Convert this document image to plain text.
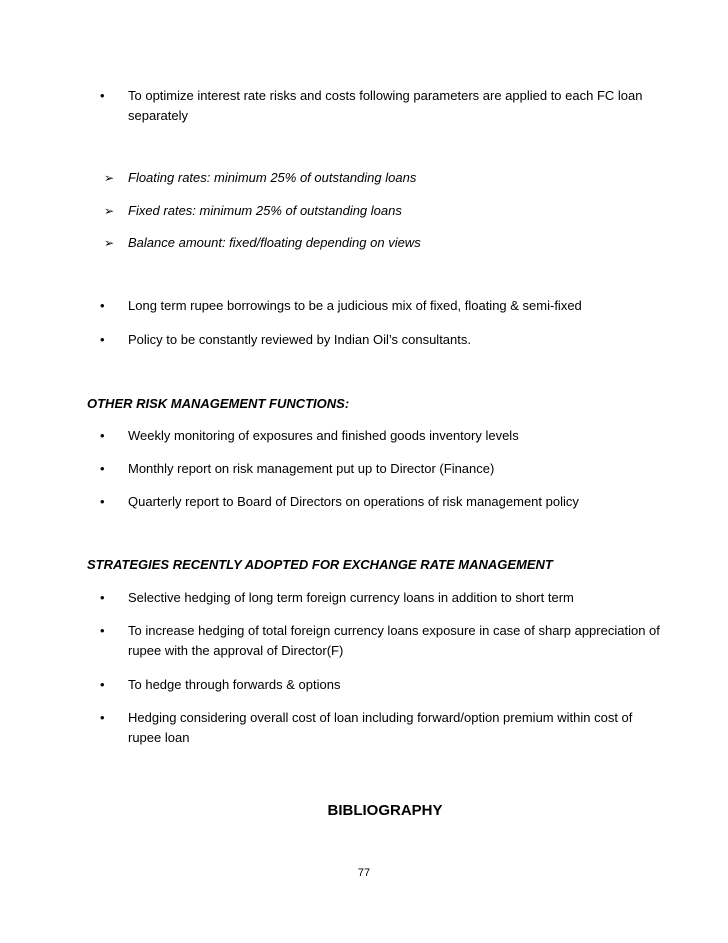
•	To optimize interest rate risks and costs following parameters are applied to each FC loan separately
➢ Floating rates: minimum 25% of outstanding loans
➢ Fixed rates: minimum 25% of outstanding loans
➢ Balance amount: fixed/floating depending on views
•	Long term rupee borrowings to be a judicious mix of fixed, floating & semi-fixed
•	Policy to be constantly reviewed by Indian Oil’s consultants.
OTHER RISK MANAGEMENT FUNCTIONS:
•	Weekly monitoring of exposures and finished goods inventory levels
•	Monthly report on risk management put up to Director (Finance)
•	Quarterly report to Board of Directors on operations of risk management policy
STRATEGIES RECENTLY ADOPTED FOR EXCHANGE RATE MANAGEMENT
•	Selective hedging of long term foreign currency loans in addition to short term
•	To increase hedging of total foreign currency loans exposure in case of sharp appreciation of rupee with the approval of Director(F)
•	To hedge through forwards & options
•	Hedging considering overall cost of loan including forward/option premium within cost of rupee loan
BIBLIOGRAPHY
77
